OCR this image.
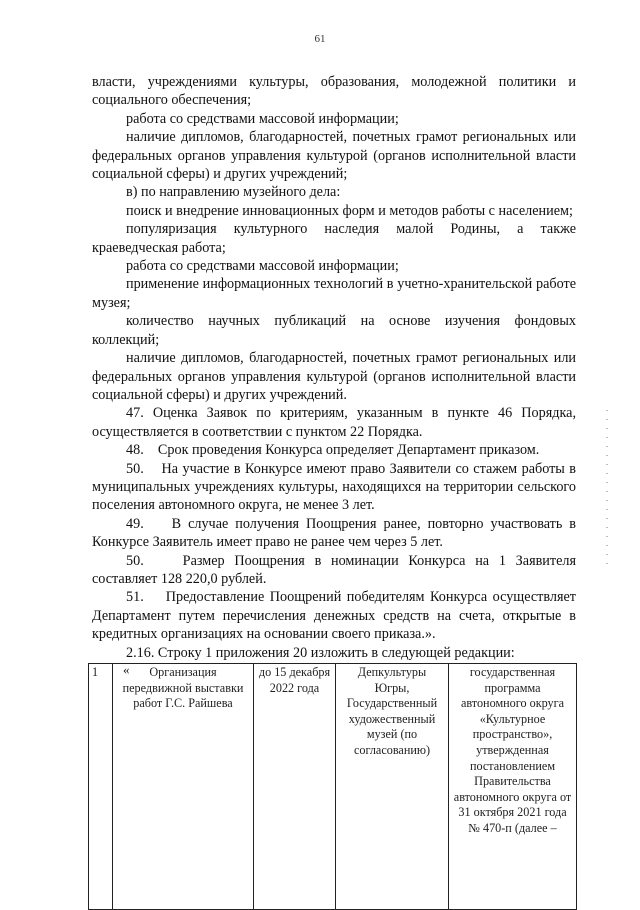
61

власти, учреждениями культуры, образования, молодежной политики и социального обеспечения;

работа со средствами массовой информации;

наличие дипломов, благодарностей, почетных грамот региональных или федеральных органов управления культурой (органов исполнительной власти социальной сферы) и других учреждений;

в) по направлению музейного дела:

поиск и внедрение инновационных форм и методов работы с населением;

популяризация культурного наследия малой Родины, а также краеведческая работа;

работа со средствами массовой информации;

применение информационных технологий в учетно-хранительской работе музея;

количество научных публикаций на основе изучения фондовых коллекций;

наличие дипломов, благодарностей, почетных грамот региональных или федеральных органов управления культурой (органов исполнительной власти социальной сферы) и других учреждений.

47. Оценка Заявок по критериям, указанным в пункте 46 Порядка, осуществляется в соответствии с пунктом 22 Порядка.

48.    Срок проведения Конкурса определяет Департамент приказом.

50.    На участие в Конкурсе имеют право Заявители со стажем работы в муниципальных учреждениях культуры, находящихся на территории сельского поселения автономного округа, не менее 3 лет.

49.    В случае получения Поощрения ранее, повторно участвовать в Конкурсе Заявитель имеет право не ранее чем через 5 лет.

50.    Размер Поощрения в номинации Конкурса на 1 Заявителя составляет 128 220,0 рублей.

51.    Предоставление Поощрений победителям Конкурса осуществляет Департамент путем перечисления денежных средств на счета, открытые в кредитных организациях на основании своего приказа.».

2.16. Строку 1 приложения 20 изложить в следующей редакции:

«
1	Организация передвижной выставки работ Г.С. Райшева	до 15 декабря 2022 года	Депкультуры Югры, Государственный художественный музей (по согласованию)	государственная программа автономного округа «Культурное пространство», утвержденная постановлением Правительства автономного округа от 31 октября 2021 года № 470-п (далее –
